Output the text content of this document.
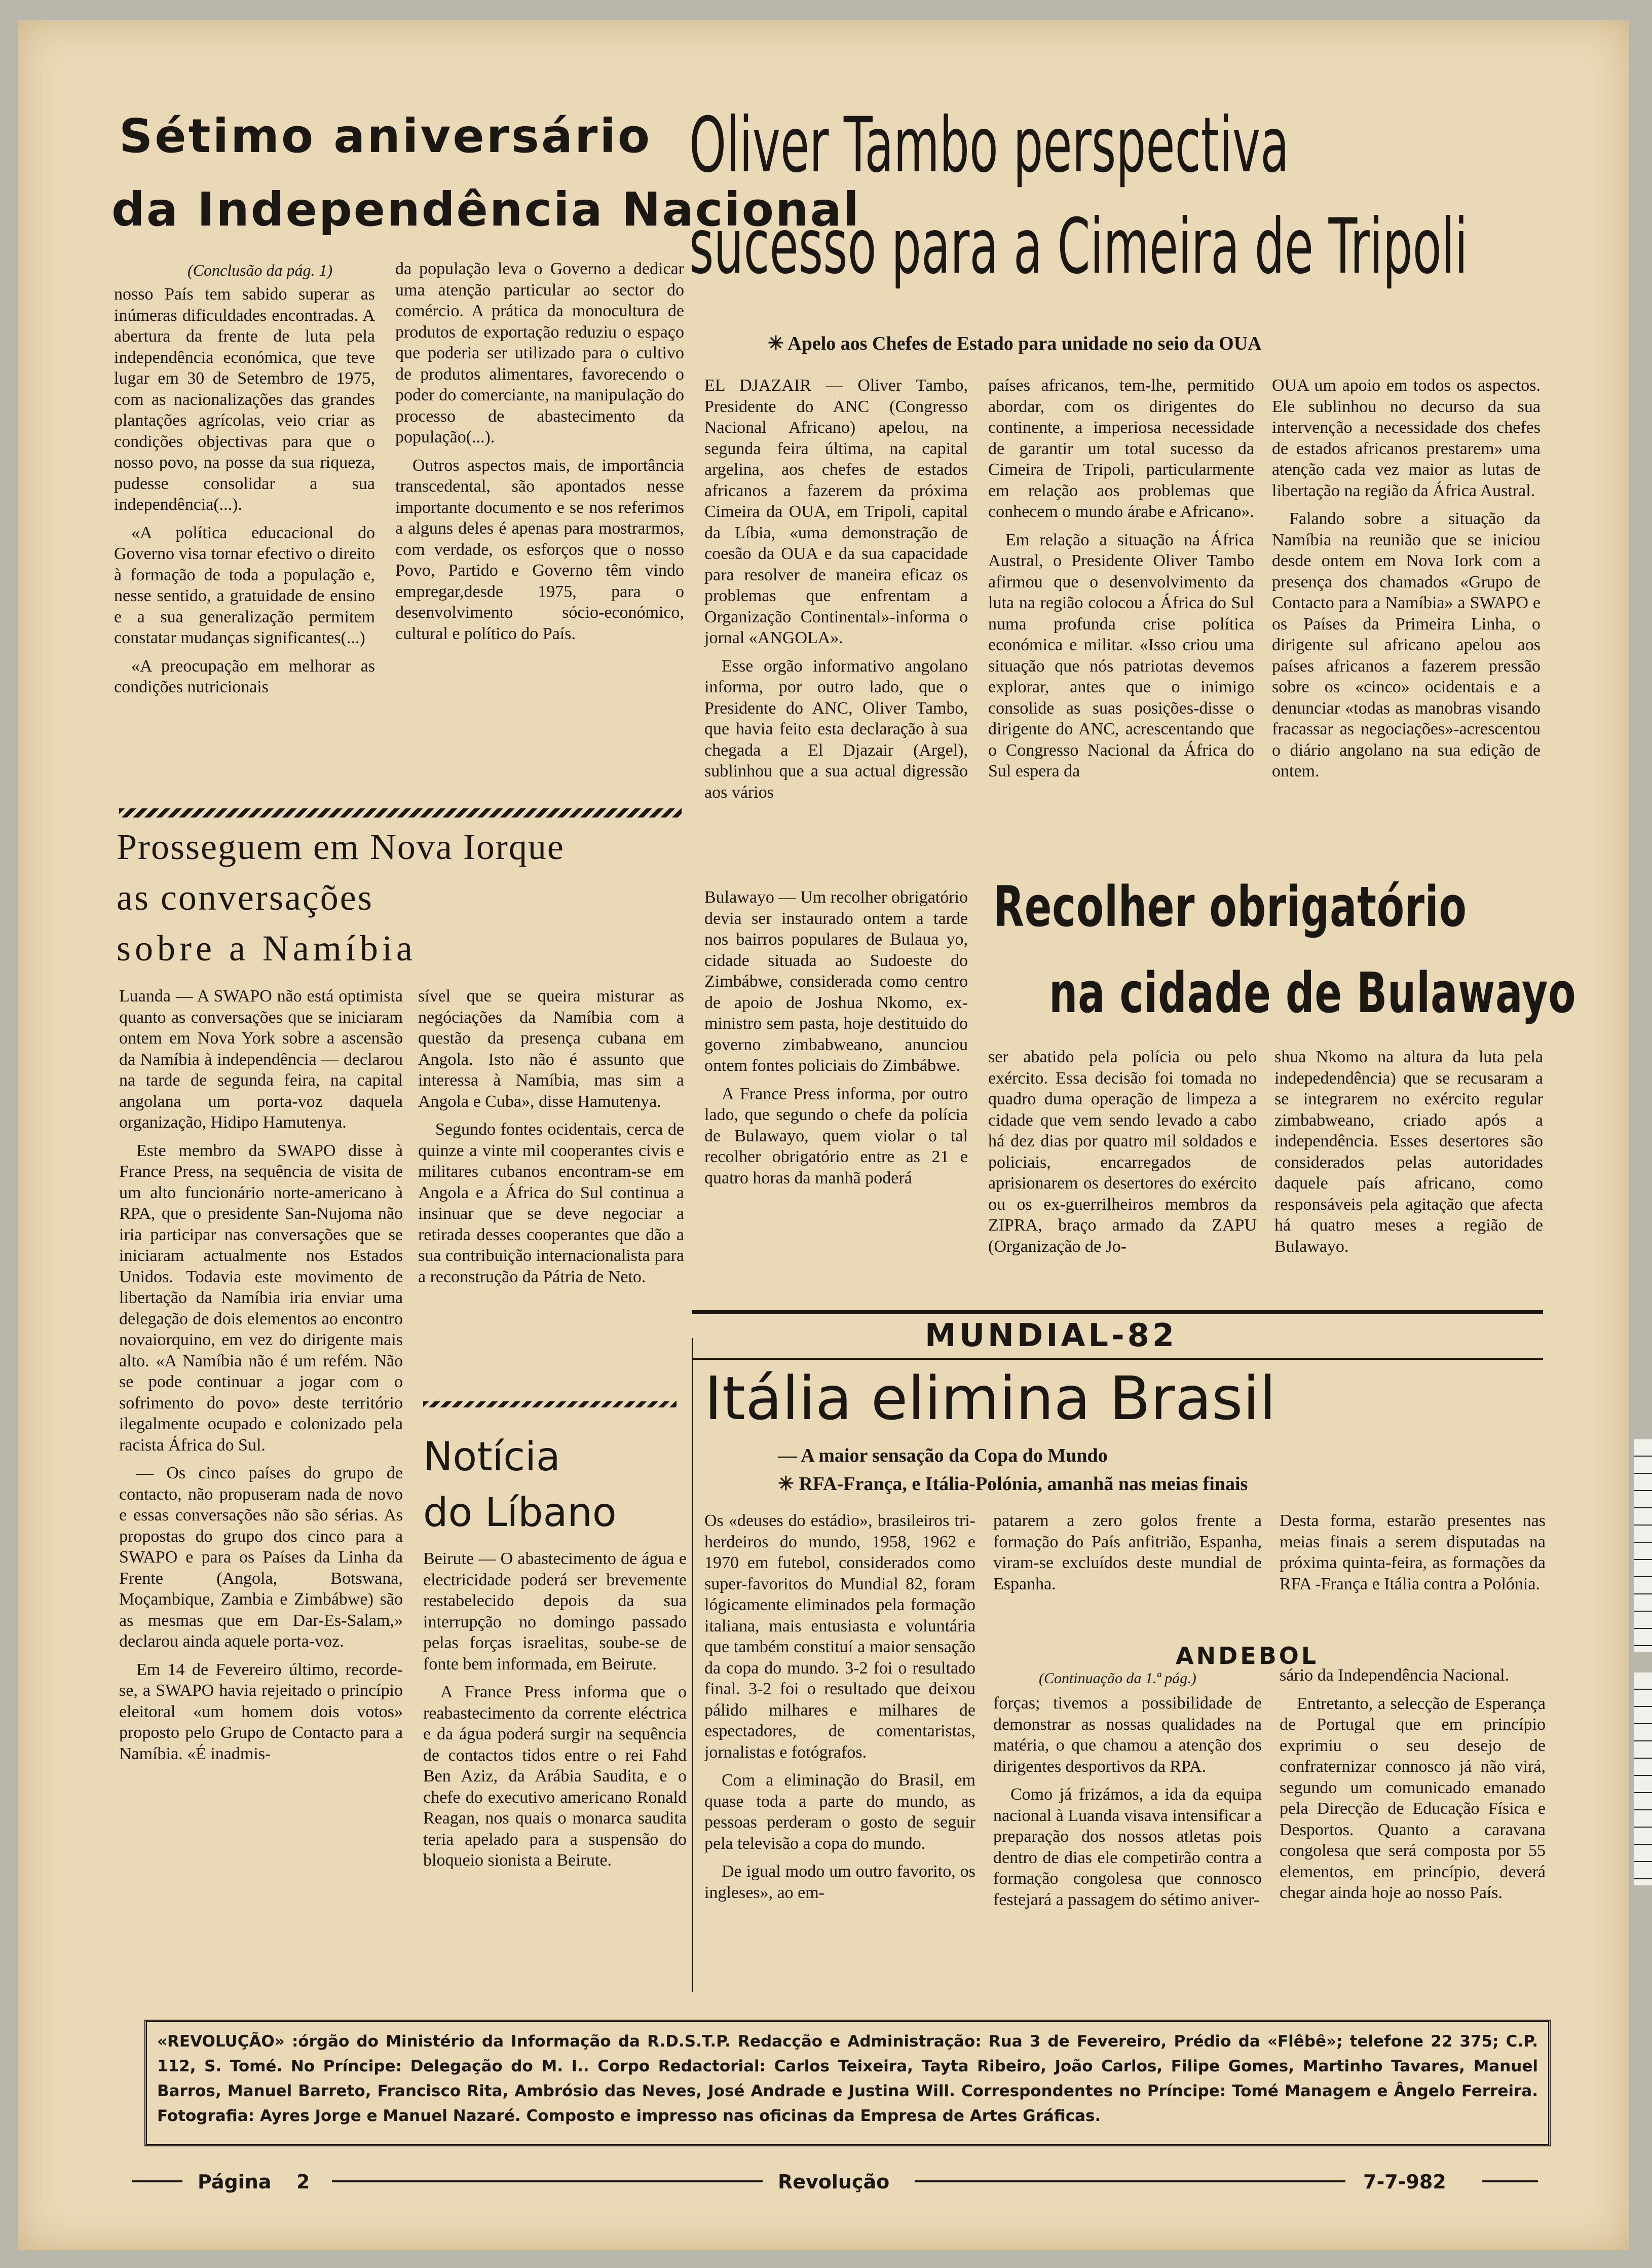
Sétimo aniversário
da Independência Nacional
(Conclusão da pág. 1)

nosso País tem sabido superar as inúmeras dificuldades encontradas. A abertura da frente de luta pela independência económica, que teve lugar em 30 de Setembro de 1975, com as nacionalizações das grandes plantações agrícolas, veio criar as condições objectivas para que o nosso povo, na posse da sua riqueza, pudesse consolidar a sua independência(...).

«A política educacional do Governo visa tornar efectivo o direito à formação de toda a população e, nesse sentido, a gratuidade de ensino e a sua generalização permitem constatar mudanças significantes(...)

«A preocupação em melhorar as condições nutricionais

da população leva o Governo a dedicar uma atenção particular ao sector do comércio. A prática da monocultura de produtos de exportação reduziu o espaço que poderia ser utilizado para o cultivo de produtos alimentares, favorecendo o poder do comerciante, na manipulação do processo de abastecimento da população(...).

Outros aspectos mais, de importância transcedental, são apontados nesse importante documento e se nos referimos a alguns deles é apenas para mostrarmos, com verdade, os esforços que o nosso Povo, Partido e Governo têm vindo empregar,desde 1975, para o desenvolvimento sócio-económico, cultural e político do País.

Oliver Tambo perspectiva
sucesso para a Cimeira de Tripoli
✳ Apelo aos Chefes de Estado para unidade no seio da OUA

EL DJAZAIR — Oliver Tambo, Presidente do ANC (Congresso Nacional Africano) apelou, na segunda feira última, na capital argelina, aos chefes de estados africanos a fazerem da próxima Cimeira da OUA, em Tripoli, capital da Líbia, «uma demonstração de coesão da OUA e da sua capacidade para resolver de maneira eficaz os problemas que enfrentam a Organização Continental»-informa o jornal «ANGOLA».

Esse orgão informativo angolano informa, por outro lado, que o Presidente do ANC, Oliver Tambo, que havia feito esta declaração à sua chegada a El Djazair (Argel), sublinhou que a sua actual digressão aos vários

países africanos, tem-lhe, permitido abordar, com os dirigentes do continente, a imperiosa necessidade de garantir um total sucesso da Cimeira de Tripoli, particularmente em relação aos problemas que conhecem o mundo árabe e Africano».

Em relação a situação na África Austral, o Presidente Oliver Tambo afirmou que o desenvolvimento da luta na região colocou a África do Sul numa profunda crise política económica e militar. «Isso criou uma situação que nós patriotas devemos explorar, antes que o inimigo consolide as suas posições-disse o dirigente do ANC, acrescentando que o Congresso Nacional da África do Sul espera da

OUA um apoio em todos os aspectos. Ele sublinhou no decurso da sua intervenção a necessidade dos chefes de estados africanos prestarem» uma atenção cada vez maior as lutas de libertação na região da África Austral.

Falando sobre a situação da Namíbia na reunião que se iniciou desde ontem em Nova Iork com a presença dos chamados «Grupo de Contacto para a Namíbia» a SWAPO e os Países da Primeira Linha, o dirigente sul africano apelou aos países africanos a fazerem pressão sobre os «cinco» ocidentais e a denunciar «todas as manobras visando fracassar as negociações»-acrescentou o diário angolano na sua edição de ontem.

Prosseguem em Nova Iorque
as conversações
sobre a Namíbia

Luanda — A SWAPO não está optimista quanto as conversações que se iniciaram ontem em Nova York sobre a ascensão da Namíbia à independência — declarou na tarde de segunda feira, na capital angolana um porta-voz daquela organização, Hidipo Hamutenya.

Este membro da SWAPO disse à France Press, na sequência de visita de um alto funcionário norte-americano à RPA, que o presidente San-Nujoma não iria participar nas conversações que se iniciaram actualmente nos Estados Unidos. Todavia este movimento de libertação da Namíbia iria enviar uma delegação de dois elementos ao encontro novaiorquino, em vez do dirigente mais alto. «A Namíbia não é um refém. Não se pode continuar a jogar com o sofrimento do povo» deste território ilegalmente ocupado e colonizado pela racista África do Sul.

— Os cinco países do grupo de contacto, não propuseram nada de novo e essas conversações não são sérias. As propostas do grupo dos cinco para a SWAPO e para os Países da Linha da Frente (Angola, Botswana, Moçambique, Zambia e Zimbábwe) são as mesmas que em Dar-Es-Salam,» declarou ainda aquele porta-voz.

Em 14 de Fevereiro último, recorde-se, a SWAPO havia rejeitado o princípio eleitoral «um homem dois votos» proposto pelo Grupo de Contacto para a Namíbia. «É inadmis-

sível que se queira misturar as negóciações da Namíbia com a questão da presença cubana em Angola. Isto não é assunto que interessa à Namíbia, mas sim a Angola e Cuba», disse Hamutenya.

Segundo fontes ocidentais, cerca de quinze a vinte mil cooperantes civis e militares cubanos encontram-se em Angola e a África do Sul continua a insinuar que se deve negociar a retirada desses cooperantes que dão a sua contribuição internacionalista para a reconstrução da Pátria de Neto.

Notícia
do Líbano

Beirute — O abastecimento de água e electricidade poderá ser brevemente restabelecido depois da sua interrupção no domingo passado pelas forças israelitas, soube-se de fonte bem informada, em Beirute.

A France Press informa que o reabastecimento da corrente eléctrica e da água poderá surgir na sequência de contactos tidos entre o rei Fahd Ben Aziz, da Arábia Saudita, e o chefe do executivo americano Ronald Reagan, nos quais o monarca saudita teria apelado para a suspensão do bloqueio sionista a Beirute.

Bulawayo — Um recolher obrigatório devia ser instaurado ontem a tarde nos bairros populares de Bulaua yo, cidade situada ao Sudoeste do Zimbábwe, considerada como centro de apoio de Joshua Nkomo, ex-ministro sem pasta, hoje destituido do governo zimbabweano, anunciou ontem fontes policiais do Zimbábwe.

A France Press informa, por outro lado, que segundo o chefe da polícia de Bulawayo, quem violar o tal recolher obrigatório entre as 21 e quatro horas da manhã poderá

Recolher obrigatório
na cidade de Bulawayo

ser abatido pela polícia ou pelo exército. Essa decisão foi tomada no quadro duma operação de limpeza a cidade que vem sendo levado a cabo há dez dias por quatro mil soldados e policiais, encarregados de aprisionarem os desertores do exército ou os ex-guerrilheiros membros da ZIPRA, braço armado da ZAPU (Organização de Jo-

shua Nkomo na altura da luta pela indepedendência) que se recusaram a se integrarem no exército regular zimbabweano, criado após a independência. Esses desertores são considerados pelas autoridades daquele país africano, como responsáveis pela agitação que afecta há quatro meses a região de Bulawayo.

MUNDIAL-82
Itália elimina Brasil
— A maior sensação da Copa do Mundo
✳ RFA-França, e Itália-Polónia, amanhã nas meias finais

Os «deuses do estádio», brasileiros tri-herdeiros do mundo, 1958, 1962 e 1970 em futebol, considerados como super-favoritos do Mundial 82, foram lógicamente eliminados pela formação italiana, mais entusiasta e voluntária que também constituí a maior sensação da copa do mundo. 3-2 foi o resultado final. 3-2 foi o resultado que deixou pálido milhares e milhares de espectadores, de comentaristas, jornalistas e fotógrafos.

Com a eliminação do Brasil, em quase toda a parte do mundo, as pessoas perderam o gosto de seguir pela televisão a copa do mundo.

De igual modo um outro favorito, os ingleses», ao em-

patarem a zero golos frente a formação do País anfitrião, Espanha, viram-se excluídos deste mundial de Espanha.

Desta forma, estarão presentes nas meias finais a serem disputadas na próxima quinta-feira, as formações da RFA -França e Itália contra a Polónia.

ANDEBOL
(Continuação da 1.ª pág.)

forças; tivemos a possibilidade de demonstrar as nossas qualidades na matéria, o que chamou a atenção dos dirigentes desportivos da RPA.

Como já frizámos, a ida da equipa nacional à Luanda visava intensificar a preparação dos nossos atletas pois dentro de dias ele competirão contra a formação congolesa que connosco festejará a passagem do sétimo aniver-

sário da Independência Nacional.

Entretanto, a selecção de Esperança de Portugal que em princípio exprimiu o seu desejo de confraternizar connosco já não virá, segundo um comunicado emanado pela Direcção de Educação Física e Desportos. Quanto a caravana congolesa que será composta por 55 elementos, em princípio, deverá chegar ainda hoje ao nosso País.

«REVOLUÇÃO» :órgão do Ministério da Informação da R.D.S.T.P. Redacção e Administração: Rua 3 de Fevereiro, Prédio da «Flêbê»; telefone 22 375; C.P. 112, S. Tomé. No Príncipe: Delegação do M. I.. Corpo Redactorial: Carlos Teixeira, Tayta Ribeiro, João Carlos, Filipe Gomes, Martinho Tavares, Manuel Barros, Manuel Barreto, Francisco Rita, Ambrósio das Neves, José Andrade e Justina Will. Correspondentes no Príncipe: Tomé Managem e Ângelo Ferreira. Fotografia: Ayres Jorge e Manuel Nazaré. Composto e impresso nas oficinas da Empresa de Artes Gráficas.
Página 2	Revolução	7-7-982
